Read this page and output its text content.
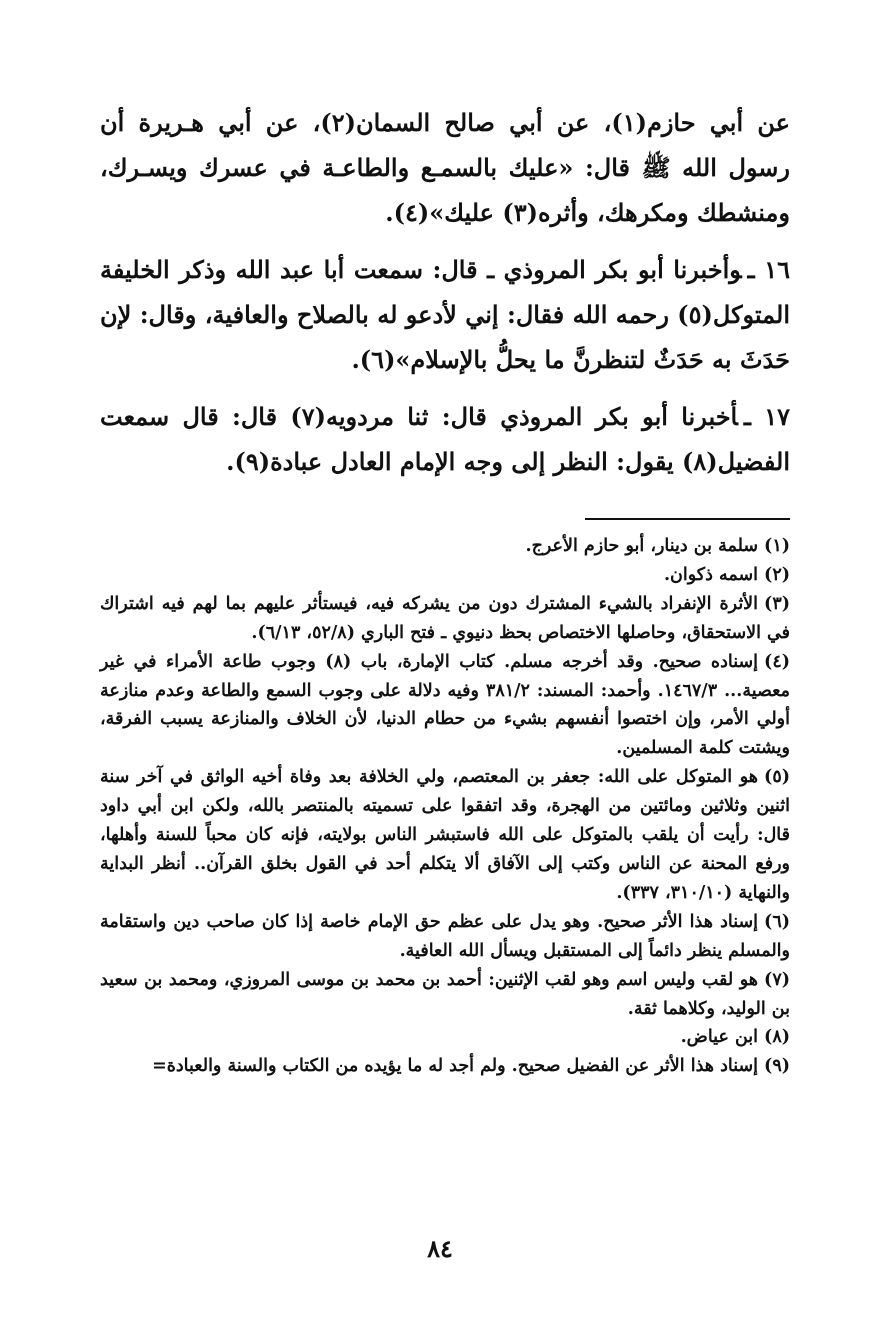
عن أبي حازم(١)، عن أبي صالح السمان(٢)، عن أبي هـريرة أن رسول الله ﷺ قال: «عليك بالسمـع والطاعـة في عسرك ويسـرك، ومنشطك ومكرهك، وأثره(٣) عليك»(٤).

١٦ ـوأخبرنا أبو بكر المروذي ـ قال: سمعت أبا عبد الله وذكر الخليفة المتوكل(٥) رحمه الله فقال: إني لأدعو له بالصلاح والعافية، وقال: لإن حَدَثَ به حَدَثٌ لتنظرنَّ ما يحلُّ بالإسلام»(٦).

١٧ ـأخبرنا أبو بكر المروذي قال: ثنا مردويه(٧) قال: قال سمعت الفضيل(٨) يقول: النظر إلى وجه الإمام العادل عبادة(٩).

(١)سلمة بن دينار، أبو حازم الأعرج.

(٢)اسمه ذكوان.

(٣)الأثرة الإنفراد بالشيء المشترك دون من يشركه فيه، فيستأثر عليهم بما لهم فيه اشتراك في الاستحقاق، وحاصلها الاختصاص بحظ دنيوي ـ فتح الباري (٥٢/٨، ٦/١٣).

(٤)إسناده صحيح. وقد أخرجه مسلم. كتاب الإمارة، باب (٨) وجوب طاعة الأمراء في غير معصية... ١٤٦٧/٣. وأحمد: المسند: ٣٨١/٢ وفيه دلالة على وجوب السمع والطاعة وعدم منازعة أولي الأمر، وإن اختصوا أنفسهم بشيء من حطام الدنيا، لأن الخلاف والمنازعة يسبب الفرقة، ويشتت كلمة المسلمين.

(٥)هو المتوكل على الله: جعفر بن المعتصم، ولي الخلافة بعد وفاة أخيه الواثق في آخر سنة اثنين وثلاثين ومائتين من الهجرة، وقد اتفقوا على تسميته بالمنتصر بالله، ولكن ابن أبي داود قال: رأيت أن يلقب بالمتوكل على الله فاستبشر الناس بولايته، فإنه كان محباً للسنة وأهلها، ورفع المحنة عن الناس وكتب إلى الآفاق ألا يتكلم أحد في القول بخلق القرآن.. أنظر البداية والنهاية (٣١٠/١٠، ٣٣٧).

(٦)إسناد هذا الأثر صحيح. وهو يدل على عظم حق الإمام خاصة إذا كان صاحب دين واستقامة والمسلم ينظر دائماً إلى المستقبل ويسأل الله العافية.

(٧)هو لقب وليس اسم وهو لقب الإثنين: أحمد بن محمد بن موسى المروزي، ومحمد بن سعيد بن الوليد، وكلاهما ثقة.

(٨)ابن عياض.

(٩)إسناد هذا الأثر عن الفضيل صحيح. ولم أجد له ما يؤيده من الكتاب والسنة والعبادة=

٨٤
